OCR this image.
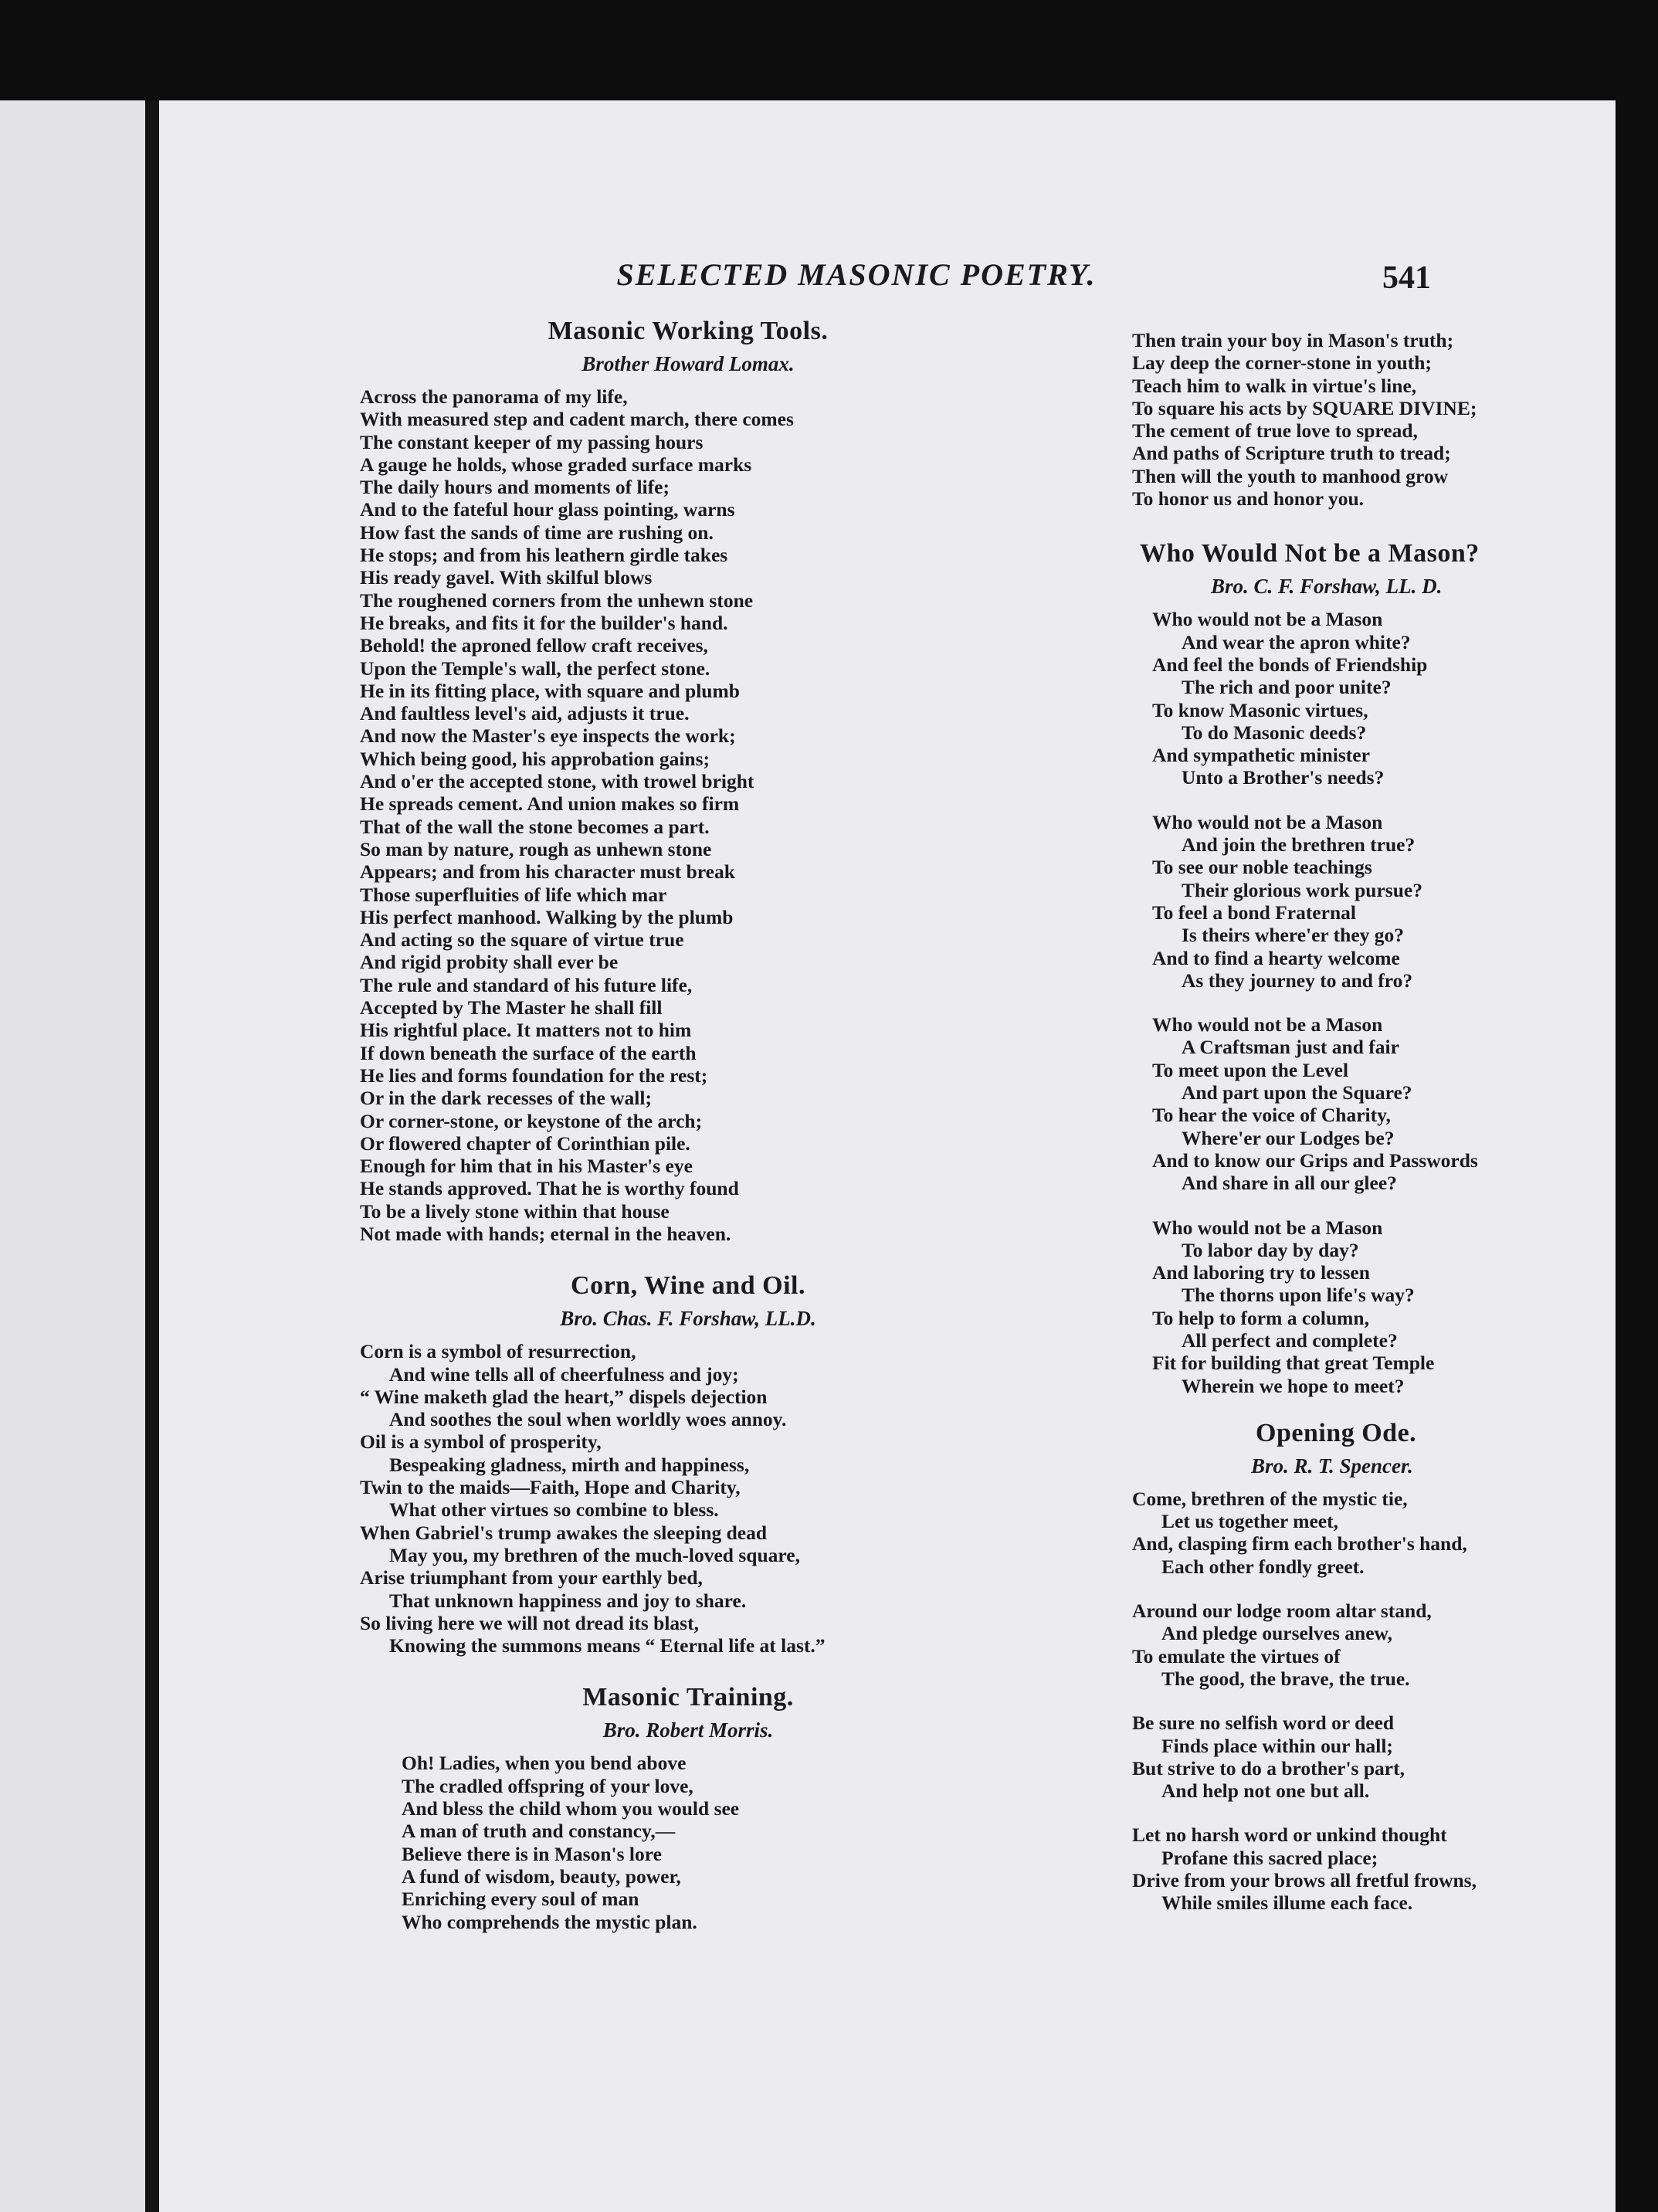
SELECTED MASONIC POETRY.	541
Masonic Working Tools.
Brother Howard Lomax.
Across the panorama of my life,
With measured step and cadent march, there comes
The constant keeper of my passing hours
A gauge he holds, whose graded surface marks
The daily hours and moments of life;
And to the fateful hour glass pointing, warns
How fast the sands of time are rushing on.
He stops; and from his leathern girdle takes
His ready gavel. With skilful blows
The roughened corners from the unhewn stone
He breaks, and fits it for the builder's hand.
Behold! the aproned fellow craft receives,
Upon the Temple's wall, the perfect stone.
He in its fitting place, with square and plumb
And faultless level's aid, adjusts it true.
And now the Master's eye inspects the work;
Which being good, his approbation gains;
And o'er the accepted stone, with trowel bright
He spreads cement. And union makes so firm
That of the wall the stone becomes a part.
So man by nature, rough as unhewn stone
Appears; and from his character must break
Those superfluities of life which mar
His perfect manhood. Walking by the plumb
And acting so the square of virtue true
And rigid probity shall ever be
The rule and standard of his future life,
Accepted by The Master he shall fill
His rightful place. It matters not to him
If down beneath the surface of the earth
He lies and forms foundation for the rest;
Or in the dark recesses of the wall;
Or corner-stone, or keystone of the arch;
Or flowered chapter of Corinthian pile.
Enough for him that in his Master's eye
He stands approved. That he is worthy found
To be a lively stone within that house
Not made with hands; eternal in the heaven.
Corn, Wine and Oil.
Bro. Chas. F. Forshaw, LL.D.
Corn is a symbol of resurrection,
And wine tells all of cheerfulness and joy;
“ Wine maketh glad the heart,” dispels dejection
And soothes the soul when worldly woes annoy.
Oil is a symbol of prosperity,
Bespeaking gladness, mirth and happiness,
Twin to the maids—Faith, Hope and Charity,
What other virtues so combine to bless.
When Gabriel's trump awakes the sleeping dead
May you, my brethren of the much-loved square,
Arise triumphant from your earthly bed,
That unknown happiness and joy to share.
So living here we will not dread its blast,
Knowing the summons means “ Eternal life at last.”
Masonic Training.
Bro. Robert Morris.
Oh! Ladies, when you bend above
The cradled offspring of your love,
And bless the child whom you would see
A man of truth and constancy,—
Believe there is in Mason's lore
A fund of wisdom, beauty, power,
Enriching every soul of man
Who comprehends the mystic plan.
Then train your boy in Mason's truth;
Lay deep the corner-stone in youth;
Teach him to walk in virtue's line,
To square his acts by SQUARE DIVINE;
The cement of true love to spread,
And paths of Scripture truth to tread;
Then will the youth to manhood grow
To honor us and honor you.
Who Would Not be a Mason?
Bro. C. F. Forshaw, LL. D.
Who would not be a Mason
And wear the apron white?
And feel the bonds of Friendship
The rich and poor unite?
To know Masonic virtues,
To do Masonic deeds?
And sympathetic minister
Unto a Brother's needs?
Who would not be a Mason
And join the brethren true?
To see our noble teachings
Their glorious work pursue?
To feel a bond Fraternal
Is theirs where'er they go?
And to find a hearty welcome
As they journey to and fro?
Who would not be a Mason
A Craftsman just and fair
To meet upon the Level
And part upon the Square?
To hear the voice of Charity,
Where'er our Lodges be?
And to know our Grips and Passwords
And share in all our glee?
Who would not be a Mason
To labor day by day?
And laboring try to lessen
The thorns upon life's way?
To help to form a column,
All perfect and complete?
Fit for building that great Temple
Wherein we hope to meet?
Opening Ode.
Bro. R. T. Spencer.
Come, brethren of the mystic tie,
Let us together meet,
And, clasping firm each brother's hand,
Each other fondly greet.
Around our lodge room altar stand,
And pledge ourselves anew,
To emulate the virtues of
The good, the brave, the true.
Be sure no selfish word or deed
Finds place within our hall;
But strive to do a brother's part,
And help not one but all.
Let no harsh word or unkind thought
Profane this sacred place;
Drive from your brows all fretful frowns,
While smiles illume each face.
